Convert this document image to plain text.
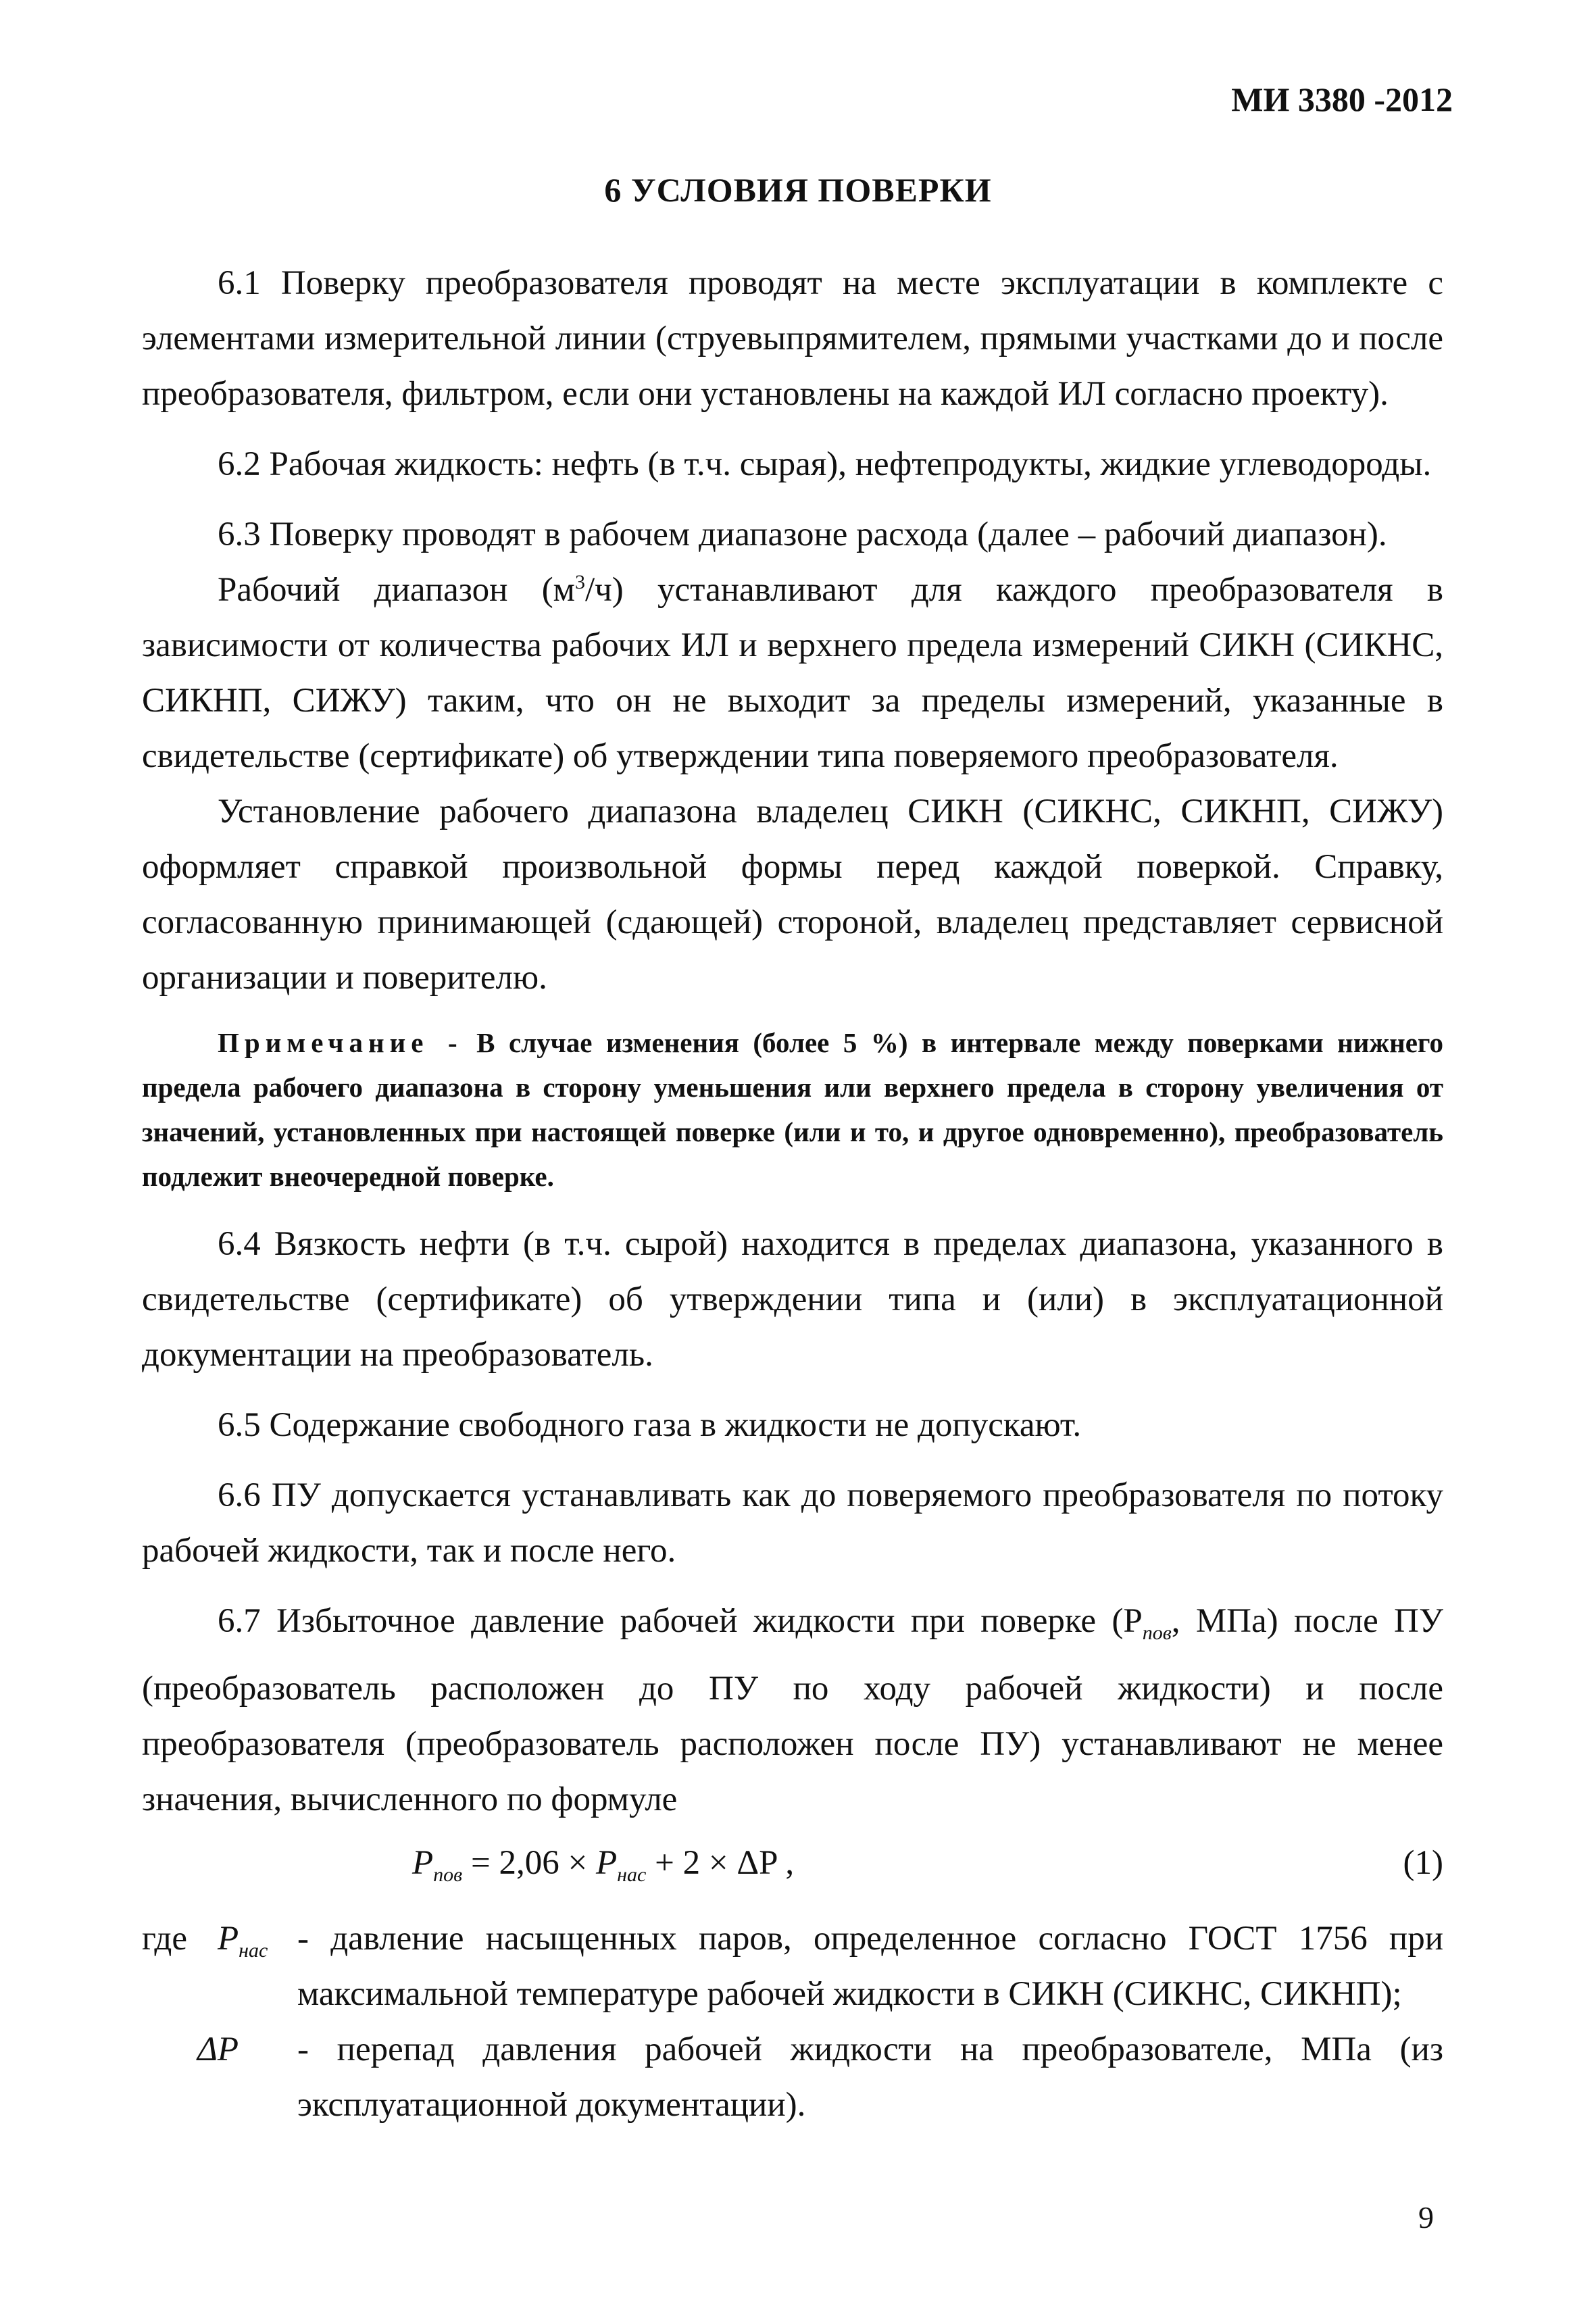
МИ 3380 -2012
6 УСЛОВИЯ ПОВЕРКИ

6.1 Поверку преобразователя проводят на месте эксплуатации в комплекте с элементами измерительной линии (струевыпрямителем, прямыми участками до и после преобразователя, фильтром, если они установлены на каждой ИЛ согласно проекту).

6.2 Рабочая жидкость: нефть (в т.ч. сырая), нефтепродукты, жидкие углеводороды.

6.3 Поверку проводят в рабочем диапазоне расхода (далее – рабочий диапазон).

Рабочий диапазон $(м^3/ч)$ устанавливают для каждого преобразователя в зависимости от количества рабочих ИЛ и верхнего предела измерений СИКН (СИКНС, СИКНП, СИЖУ) таким, что он не выходит за пределы измерений, указанные в свидетельстве (сертификате) об утверждении типа поверяемого преобразователя.

Установление рабочего диапазона владелец СИКН (СИКНС, СИКНП, СИЖУ) оформляет справкой произвольной формы перед каждой поверкой. Справку, согласованную принимающей (сдающей) стороной, владелец представляет сервисной организации и поверителю.

Примечание - В случае изменения (более 5 %) в интервале между поверками нижнего предела рабочего диапазона в сторону уменьшения или верхнего предела в сторону увеличения от значений, установленных при настоящей поверке (или и то, и другое одновременно), преобразователь подлежит внеочередной поверке.

6.4 Вязкость нефти (в т.ч. сырой) находится в пределах диапазона, указанного в свидетельстве (сертификате) об утверждении типа и (или) в эксплуатационной документации на преобразователь.

6.5 Содержание свободного газа в жидкости не допускают.

6.6 ПУ допускается устанавливать как до поверяемого преобразователя по потоку рабочей жидкости, так и после него.

6.7 Избыточное давление рабочей жидкости при поверке ($P_{пов}$, МПа) после ПУ (преобразователь расположен до ПУ по ходу рабочей жидкости) и после преобразователя (преобразователь расположен после ПУ) устанавливают не менее значения, вычисленного по формуле

$P_{пов} = 2,06 \times P_{нас} + 2 \times \Delta P$ ,	(1)
где $P_{нас}$ - давление насыщенных паров, определенное согласно ГОСТ 1756 при максимальной температуре рабочей жидкости в СИКН (СИКНС, СИКНП);
ΔP	- перепад давления рабочей жидкости на преобразователе, МПа (из эксплуатационной документации).
9
